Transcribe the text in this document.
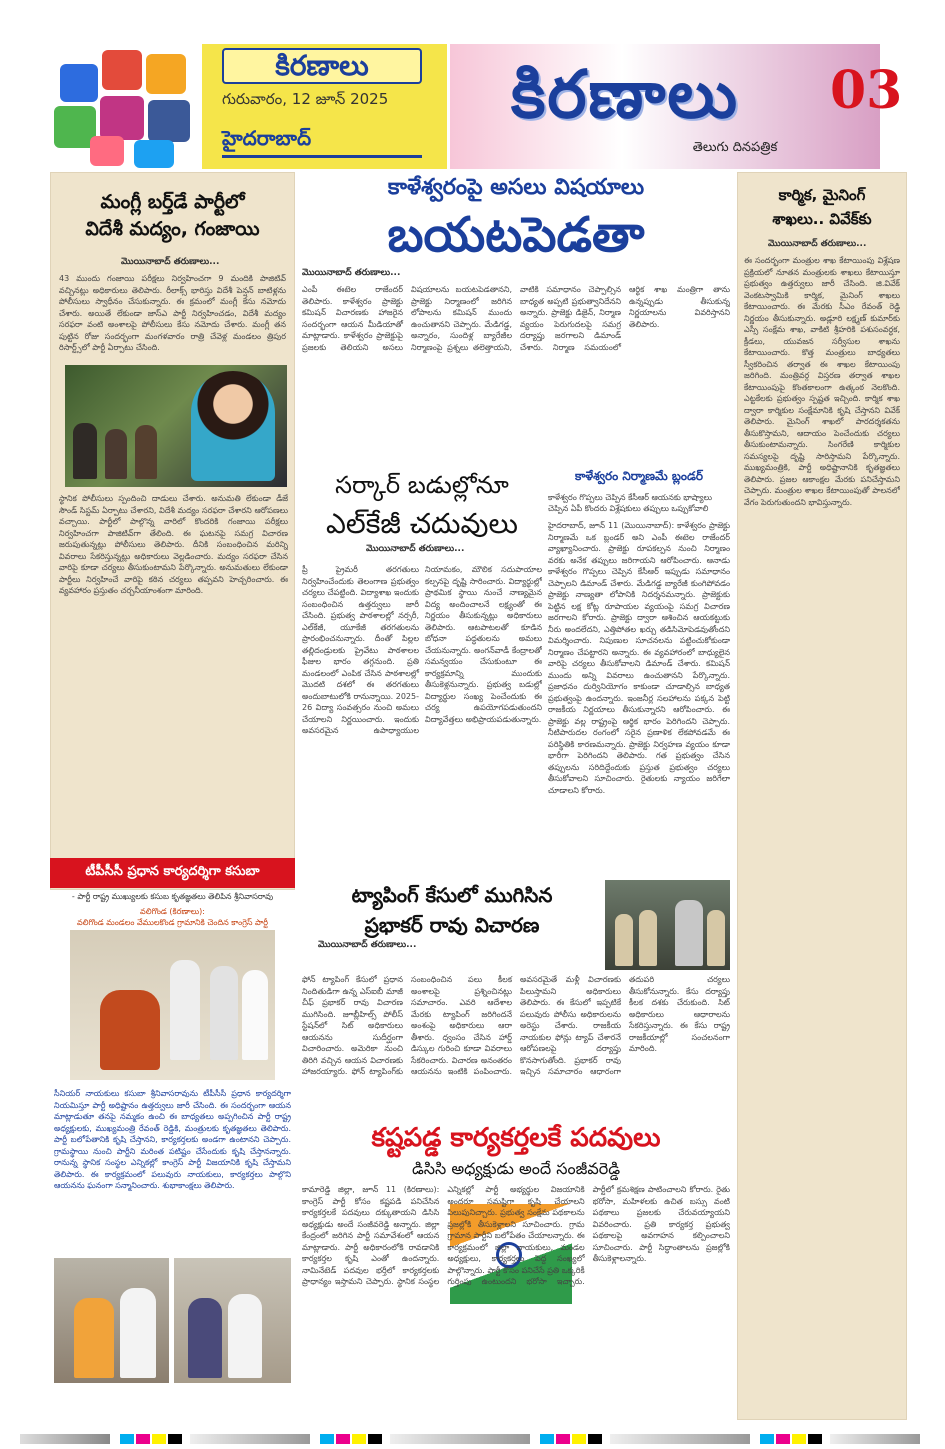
కిరణాలు
గురువారం, 12 జూన్ 2025
హైదరాబాద్
కిరణాలు
తెలుగు దినపత్రిక
03
మంగ్లీ బర్త్‌డే పార్టీలో
విదేశీ మద్యం, గంజాయి
మొయినాబాద్ తరుణాలు...
43 ముందు గంజాయి పరీక్షలు నిర్వహించగా 9 మందికి పాజిటివ్ వచ్చినట్లు అధికారులు తెలిపారు. రీలాక్స్ భారిస్తు విదేశీ పెన్షన్ బాటిళ్లను పోలీసులు స్వాధీనం చేసుకున్నారు. ఈ క్రమంలో మంగ్లీ కేసు నమోదు చేశారు. అయితే లేకుండా జాస్ఎ పార్టీ నిర్వహించడం, విదేశీ మద్యం సరఫరా వంటి అంశాలపై పోలీసులు కేసు నమోదు చేశారు. మంగ్లీ తన పుట్టిన రోజు సందర్భంగా మంగళవారం రాత్రి చేవెళ్ల మండలం త్రిపుర రిసార్ట్స్‌లో పార్టీ ఏర్పాటు చేసింది.
స్థానిక పోలీసులు స్పందించి దాడులు చేశారు. అనుమతి లేకుండా డీజే సౌండ్ సిస్టమ్ ఏర్పాటు చేశారని, విదేశీ మద్యం సరఫరా చేశారని ఆరోపణలు వచ్చాయి. పార్టీలో పాల్గొన్న వారిలో కొందరికి గంజాయి పరీక్షలు నిర్వహించగా పాజిటివ్‌గా తేలింది. ఈ ఘటనపై సమగ్ర విచారణ జరుపుతున్నట్లు పోలీసులు తెలిపారు. దీనికి సంబంధించిన మరిన్ని వివరాలు సేకరిస్తున్నట్లు అధికారులు వెల్లడించారు. మద్యం సరఫరా చేసిన వారిపై కూడా చర్యలు తీసుకుంటామని పేర్కొన్నారు. అనుమతులు లేకుండా పార్టీలు నిర్వహించే వారిపై కఠిన చర్యలు తప్పవని హెచ్చరించారు. ఈ వ్యవహారం ప్రస్తుతం చర్చనీయాంశంగా మారింది.
కాళేశ్వరంపై అసలు విషయాలు
బయటపెడతా
మొయినాబాద్ తరుణాలు...
ఎంపీ ఈటెల రాజేందర్ తెలిపారు. కాళేశ్వరం ప్రాజెక్టు కమిషన్ విచారణకు హాజరైన సందర్భంగా ఆయన మీడియాతో మాట్లాడారు. కాళేశ్వరం ప్రాజెక్టుపై ప్రజలకు తెలియని అసలు విషయాలను బయటపెడతానని, ప్రాజెక్టు నిర్మాణంలో జరిగిన లోపాలను కమిషన్ ముందు ఉంచుతానని చెప్పారు. మేడిగడ్డ, అన్నారం, సుందిళ్ల బ్యారేజీల నిర్మాణంపై ప్రశ్నలు తలెత్తాయని, వాటికి సమాధానం చెప్పాల్సిన బాధ్యత అప్పటి ప్రభుత్వానిదేనని అన్నారు. ప్రాజెక్టు డిజైన్, నిర్మాణ వ్యయం పెరుగుదలపై సమగ్ర దర్యాప్తు జరగాలని డిమాండ్ చేశారు. నిర్మాణ సమయంలో ఆర్థిక శాఖ మంత్రిగా తాను ఉన్నప్పుడు తీసుకున్న నిర్ణయాలను వివరిస్తానని తెలిపారు.
కార్మిక, మైనింగ్
శాఖలు.. వివేక్‌కు
మొయినాబాద్ తరుణాలు...
ఈ సందర్భంగా మంత్రుల శాఖ కేటాయింపు విశ్లేషణ ప్రక్రియలో నూతన మంత్రులకు శాఖలు కేటాయిస్తూ ప్రభుత్వం ఉత్తర్వులు జారీ చేసింది. జి.వివేక్ వెంకటస్వామికి కార్మిక, మైనింగ్ శాఖలు కేటాయించారు. ఈ మేరకు సీఎం రేవంత్ రెడ్డి నిర్ణయం తీసుకున్నారు. అడ్లూరి లక్ష్మణ్ కుమార్‌కు ఎస్సీ సంక్షేమ శాఖ, వాకిటి శ్రీహరికి పశుసంవర్ధక, క్రీడలు, యువజన సర్వీసుల శాఖను కేటాయించారు. కొత్త మంత్రులు బాధ్యతలు స్వీకరించిన తర్వాత ఈ శాఖల కేటాయింపు జరిగింది. మంత్రివర్గ విస్తరణ తర్వాత శాఖల కేటాయింపుపై కొంతకాలంగా ఉత్కంఠ నెలకొంది. ఎట్టకేలకు ప్రభుత్వం స్పష్టత ఇచ్చింది. కార్మిక శాఖ ద్వారా కార్మికుల సంక్షేమానికి కృషి చేస్తానని వివేక్ తెలిపారు. మైనింగ్ శాఖలో పారదర్శకతను తీసుకొస్తామని, ఆదాయం పెంచేందుకు చర్యలు తీసుకుంటామన్నారు. సింగరేణి కార్మికుల సమస్యలపై దృష్టి సారిస్తామని పేర్కొన్నారు. ముఖ్యమంత్రికి, పార్టీ అధిష్టానానికి కృతజ్ఞతలు తెలిపారు. ప్రజల ఆకాంక్షల మేరకు పనిచేస్తామని చెప్పారు. మంత్రుల శాఖల కేటాయింపుతో పాలనలో వేగం పెరుగుతుందని భావిస్తున్నారు.
సర్కార్ బడుల్లోనూ
ఎల్‌కేజీ చదువులు
మొయినాబాద్ తరుణాలు...
ప్రీ ప్రైమరీ తరగతులు నిర్వహించేందుకు తెలంగాణ ప్రభుత్వం చర్యలు చేపట్టింది. విద్యాశాఖ ఇందుకు సంబంధించిన ఉత్తర్వులు జారీ చేసింది. ప్రభుత్వ పాఠశాలల్లో నర్సరీ, ఎల్‌కేజీ, యూకేజీ తరగతులను ప్రారంభించనున్నారు. దీంతో పిల్లల తల్లిదండ్రులకు ప్రైవేటు పాఠశాలల ఫీజుల భారం తగ్గనుంది. ప్రతి మండలంలో ఎంపిక చేసిన పాఠశాలల్లో మొదటి దశలో ఈ తరగతులు అందుబాటులోకి రానున్నాయి. 2025-26 విద్యా సంవత్సరం నుంచి అమలు చేయాలని నిర్ణయించారు. ఇందుకు అవసరమైన ఉపాధ్యాయుల నియామకం, మౌలిక సదుపాయాల కల్పనపై దృష్టి సారించారు. విద్యార్థుల్లో ప్రాథమిక స్థాయి నుంచే నాణ్యమైన విద్య అందించాలనే లక్ష్యంతో ఈ నిర్ణయం తీసుకున్నట్లు అధికారులు తెలిపారు. ఆటపాటలతో కూడిన బోధనా పద్ధతులను అమలు చేయనున్నారు. అంగన్‌వాడీ కేంద్రాలతో సమన్వయం చేసుకుంటూ ఈ కార్యక్రమాన్ని ముందుకు తీసుకెళ్లనున్నారు. ప్రభుత్వ బడుల్లో విద్యార్థుల సంఖ్య పెంచేందుకు ఈ చర్య ఉపయోగపడుతుందని విద్యావేత్తలు అభిప్రాయపడుతున్నారు.
కాళేశ్వరం నిర్మాణమే బ్లండర్
కాళేశ్వరం గొప్పలు చెప్పిన కేసీఆర్ ఆయనకు భాష్యాలు చెప్పిన ఏపీ కొందరు విశ్లేషకులు తప్పులు ఒప్పుకోవాలి
హైదరాబాద్, జూన్ 11 (మొయినాబాద్): కాళేశ్వరం ప్రాజెక్టు నిర్మాణమే ఒక బ్లండర్ అని ఎంపీ ఈటెల రాజేందర్ వ్యాఖ్యానించారు. ప్రాజెక్టు రూపకల్పన నుంచి నిర్మాణం వరకు అనేక తప్పులు జరిగాయని ఆరోపించారు. ఆనాడు కాళేశ్వరం గొప్పలు చెప్పిన కేసీఆర్ ఇప్పుడు సమాధానం చెప్పాలని డిమాండ్ చేశారు. మేడిగడ్డ బ్యారేజీ కుంగిపోవడం ప్రాజెక్టు నాణ్యతా లోపానికి నిదర్శనమన్నారు. ప్రాజెక్టుకు పెట్టిన లక్ష కోట్ల రూపాయల వ్యయంపై సమగ్ర విచారణ జరగాలని కోరారు. ప్రాజెక్టు ద్వారా ఆశించిన ఆయకట్టుకు నీరు అందలేదని, ఎత్తిపోతల ఖర్చు తడిసిమోపెడవుతోందని విమర్శించారు. నిపుణుల సూచనలను పట్టించుకోకుండా నిర్మాణం చేపట్టారని అన్నారు. ఈ వ్యవహారంలో బాధ్యులైన వారిపై చర్యలు తీసుకోవాలని డిమాండ్ చేశారు. కమిషన్ ముందు అన్ని వివరాలు ఉంచుతానని పేర్కొన్నారు. ప్రజాధనం దుర్వినియోగం కాకుండా చూడాల్సిన బాధ్యత ప్రభుత్వంపై ఉందన్నారు. ఇంజనీర్ల సలహాలను పక్కన పెట్టి రాజకీయ నిర్ణయాలు తీసుకున్నారని ఆరోపించారు. ఈ ప్రాజెక్టు వల్ల రాష్ట్రంపై ఆర్థిక భారం పెరిగిందని చెప్పారు. నీటిపారుదల రంగంలో సరైన ప్రణాళిక లేకపోవడమే ఈ పరిస్థితికి కారణమన్నారు. ప్రాజెక్టు నిర్వహణ వ్యయం కూడా భారీగా పెరిగిందని తెలిపారు. గత ప్రభుత్వం చేసిన తప్పులను సరిదిద్దేందుకు ప్రస్తుత ప్రభుత్వం చర్యలు తీసుకోవాలని సూచించారు. రైతులకు న్యాయం జరిగేలా చూడాలని కోరారు.
టీపీసీసీ ప్రధాన కార్యదర్శిగా కసుబా
- పార్టీ రాష్ట్ర ముఖ్యులకు కసుబ కృతజ్ఞతలు తెలిపిన శ్రీనివాసరావు
వలిగొండ (కిరణాలు):
వలిగొండ మండలం వేములకొండ గ్రామానికి చెందిన కాంగ్రెస్ పార్టీ
సీనియర్ నాయకులు కసుబా శ్రీనివాసరావును టీపీసీసీ ప్రధాన కార్యదర్శిగా నియమిస్తూ పార్టీ అధిష్టానం ఉత్తర్వులు జారీ చేసింది. ఈ సందర్భంగా ఆయన మాట్లాడుతూ తనపై నమ్మకం ఉంచి ఈ బాధ్యతలు అప్పగించిన పార్టీ రాష్ట్ర అధ్యక్షులకు, ముఖ్యమంత్రి రేవంత్ రెడ్డికి, మంత్రులకు కృతజ్ఞతలు తెలిపారు. పార్టీ బలోపేతానికి కృషి చేస్తానని, కార్యకర్తలకు అండగా ఉంటానని చెప్పారు. గ్రామస్థాయి నుంచి పార్టీని మరింత పటిష్టం చేసేందుకు కృషి చేస్తానన్నారు. రానున్న స్థానిక సంస్థల ఎన్నికల్లో కాంగ్రెస్ పార్టీ విజయానికి కృషి చేస్తామని తెలిపారు. ఈ కార్యక్రమంలో పలువురు నాయకులు, కార్యకర్తలు పాల్గొని ఆయనను ఘనంగా సన్మానించారు. శుభాకాంక్షలు తెలిపారు.
ట్యాపింగ్ కేసులో ముగిసిన
ప్రభాకర్ రావు విచారణ
మొయినాబాద్ తరుణాలు...
ఫోన్ ట్యాపింగ్ కేసులో ప్రధాన నిందితుడిగా ఉన్న ఎస్ఐబీ మాజీ చీఫ్ ప్రభాకర్ రావు విచారణ ముగిసింది. జూబ్లీహిల్స్ పోలీస్ స్టేషన్‌లో సిట్ అధికారులు ఆయనను సుదీర్ఘంగా విచారించారు. అమెరికా నుంచి తిరిగి వచ్చిన ఆయన విచారణకు హాజరయ్యారు. ఫోన్ ట్యాపింగ్‌కు సంబంధించిన పలు కీలక అంశాలపై ప్రశ్నించినట్లు సమాచారం. ఎవరి ఆదేశాల మేరకు ట్యాపింగ్ జరిగిందనే అంశంపై అధికారులు ఆరా తీశారు. ధ్వంసం చేసిన హార్డ్ డిస్కుల గురించి కూడా వివరాలు సేకరించారు. విచారణ అనంతరం ఆయనను ఇంటికి పంపించారు. అవసరమైతే మళ్లీ విచారణకు పిలుస్తామని అధికారులు తెలిపారు. ఈ కేసులో ఇప్పటికే పలువురు పోలీసు అధికారులను అరెస్టు చేశారు. రాజకీయ నాయకుల ఫోన్లు ట్యాప్ చేశారనే ఆరోపణలపై దర్యాప్తు కొనసాగుతోంది. ప్రభాకర్ రావు ఇచ్చిన సమాచారం ఆధారంగా తదుపరి చర్యలు తీసుకోనున్నారు. కేసు దర్యాప్తు కీలక దశకు చేరుకుంది. సిట్ అధికారులు ఆధారాలను సేకరిస్తున్నారు. ఈ కేసు రాష్ట్ర రాజకీయాల్లో సంచలనంగా మారింది.
కష్టపడ్డ కార్యకర్తలకే పదవులు
డిసిసి అధ్యక్షుడు అందే సంజీవరెడ్డి
కామారెడ్డి జిల్లా, జూన్ 11 (కిరణాలు): కాంగ్రెస్ పార్టీ కోసం కష్టపడి పనిచేసిన కార్యకర్తలకే పదవులు దక్కుతాయని డిసిసి అధ్యక్షుడు అందే సంజీవరెడ్డి అన్నారు. జిల్లా కేంద్రంలో జరిగిన పార్టీ సమావేశంలో ఆయన మాట్లాడారు. పార్టీ అధికారంలోకి రావడానికి కార్యకర్తల కృషి ఎంతో ఉందన్నారు. నామినేటెడ్ పదవుల భర్తీలో కార్యకర్తలకు ప్రాధాన్యం ఇస్తామని చెప్పారు. స్థానిక సంస్థల ఎన్నికల్లో పార్టీ అభ్యర్థుల విజయానికి అందరూ సమష్టిగా కృషి చేయాలని పిలుపునిచ్చారు. ప్రభుత్వ సంక్షేమ పథకాలను ప్రజల్లోకి తీసుకెళ్లాలని సూచించారు. గ్రామ గ్రామాన పార్టీని బలోపేతం చేయాలన్నారు. ఈ కార్యక్రమంలో జిల్లా నాయకులు, మండల అధ్యక్షులు, కార్యకర్తలు పెద్ద సంఖ్యలో పాల్గొన్నారు. పార్టీ కోసం పనిచేసే ప్రతి ఒక్కరికీ గుర్తింపు ఉంటుందని భరోసా ఇచ్చారు. పార్టీలో క్రమశిక్షణ పాటించాలని కోరారు. రైతు భరోసా, మహిళలకు ఉచిత బస్సు వంటి పథకాలు ప్రజలకు చేరువయ్యాయని వివరించారు. ప్రతి కార్యకర్త ప్రభుత్వ పథకాలపై అవగాహన కల్పించాలని సూచించారు. పార్టీ సిద్ధాంతాలను ప్రజల్లోకి తీసుకెళ్లాలన్నారు.
